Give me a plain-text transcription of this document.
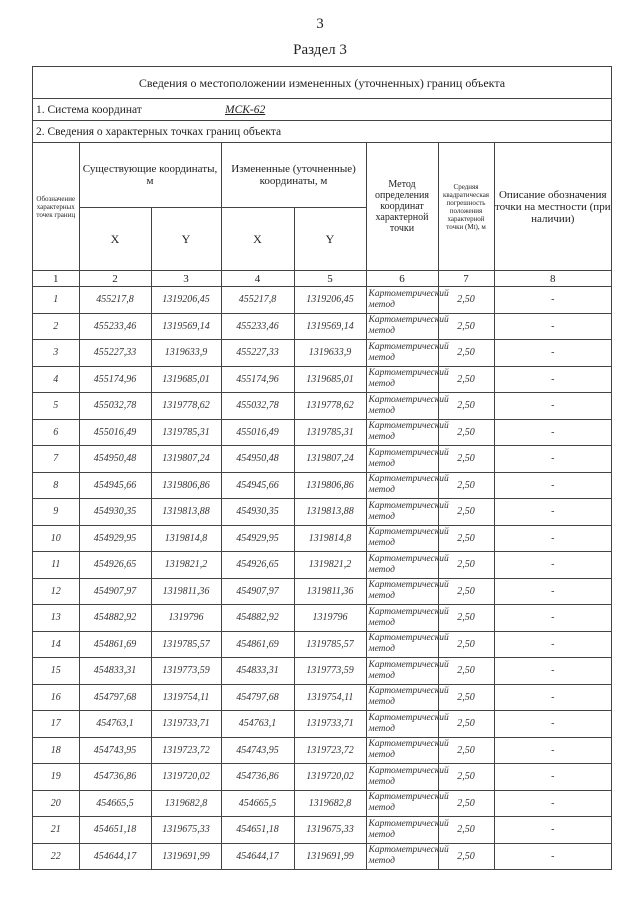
3
Раздел 3
Сведения о местоположении измененных (уточненных) границ объекта
1. Система координат	МСК-62
2. Сведения о характерных точках границ объекта
Обозначение характерных точек границ	Существующие координаты, м		Измененные (уточненные) координаты, м		Метод определения координат характерной точки	Средняя квадратическая погрешность положения характерной точки (Mt), м	Описание обозначения точки на местности (при наличии)
	X	Y	X	Y			
1	2	3	4	5	6	7	8
1	455217,8	1319206,45	455217,8	1319206,45	Картометрический метод	2,50	-
2	455233,46	1319569,14	455233,46	1319569,14	Картометрический метод	2,50	-
3	455227,33	1319633,9	455227,33	1319633,9	Картометрический метод	2,50	-
4	455174,96	1319685,01	455174,96	1319685,01	Картометрический метод	2,50	-
5	455032,78	1319778,62	455032,78	1319778,62	Картометрический метод	2,50	-
6	455016,49	1319785,31	455016,49	1319785,31	Картометрический метод	2,50	-
7	454950,48	1319807,24	454950,48	1319807,24	Картометрический метод	2,50	-
8	454945,66	1319806,86	454945,66	1319806,86	Картометрический метод	2,50	-
9	454930,35	1319813,88	454930,35	1319813,88	Картометрический метод	2,50	-
10	454929,95	1319814,8	454929,95	1319814,8	Картометрический метод	2,50	-
11	454926,65	1319821,2	454926,65	1319821,2	Картометрический метод	2,50	-
12	454907,97	1319811,36	454907,97	1319811,36	Картометрический метод	2,50	-
13	454882,92	1319796	454882,92	1319796	Картометрический метод	2,50	-
14	454861,69	1319785,57	454861,69	1319785,57	Картометрический метод	2,50	-
15	454833,31	1319773,59	454833,31	1319773,59	Картометрический метод	2,50	-
16	454797,68	1319754,11	454797,68	1319754,11	Картометрический метод	2,50	-
17	454763,1	1319733,71	454763,1	1319733,71	Картометрический метод	2,50	-
18	454743,95	1319723,72	454743,95	1319723,72	Картометрический метод	2,50	-
19	454736,86	1319720,02	454736,86	1319720,02	Картометрический метод	2,50	-
20	454665,5	1319682,8	454665,5	1319682,8	Картометрический метод	2,50	-
21	454651,18	1319675,33	454651,18	1319675,33	Картометрический метод	2,50	-
22	454644,17	1319691,99	454644,17	1319691,99	Картометрический метод	2,50	-
